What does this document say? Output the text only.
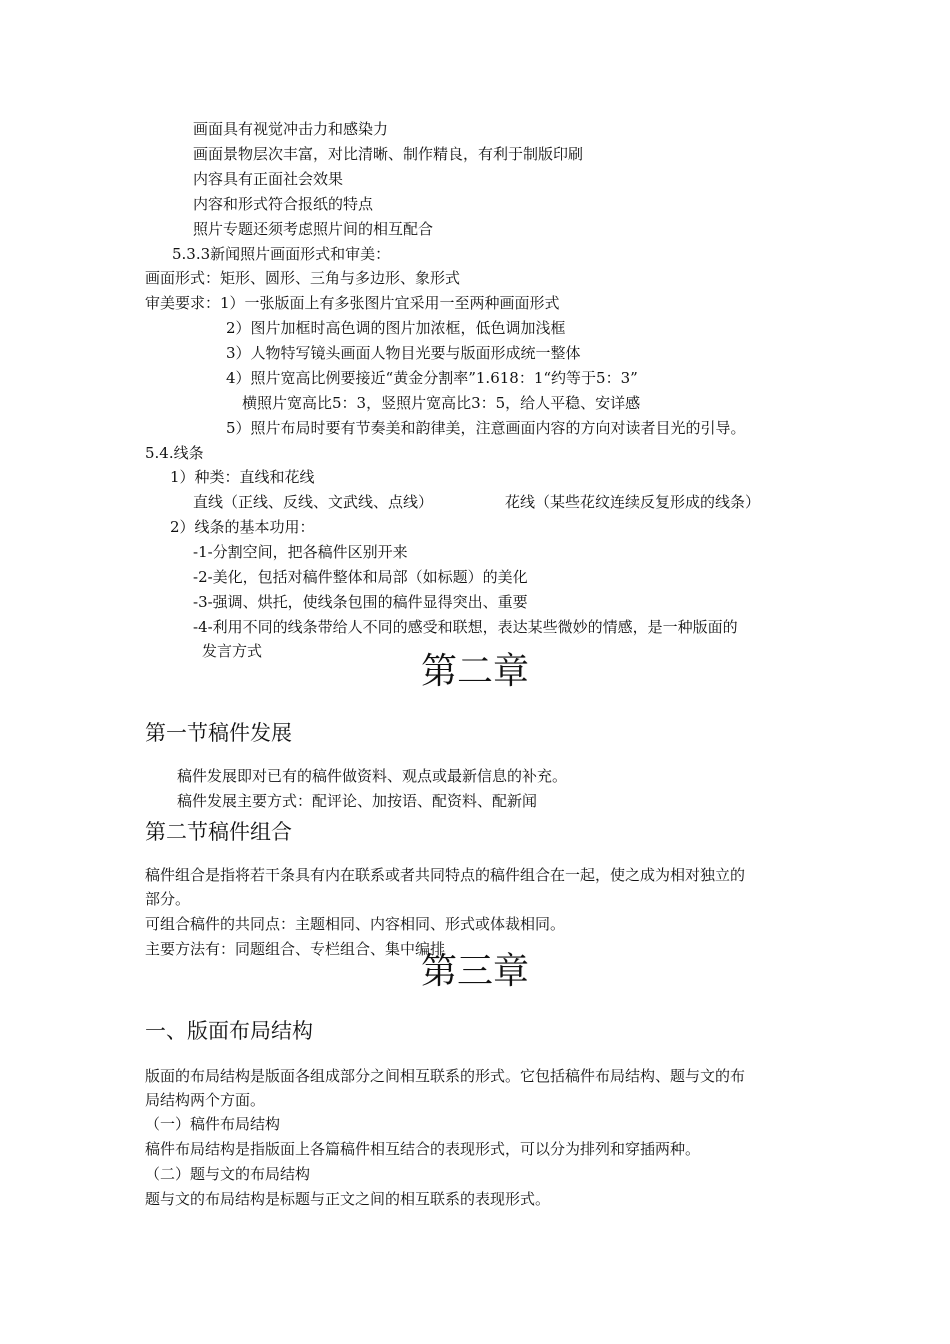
画面具有视觉冲击力和感染力
画面景物层次丰富，对比清晰、制作精良，有利于制版印刷
内容具有正面社会效果
内容和形式符合报纸的特点
照片专题还须考虑照片间的相互配合
5.3.3新闻照片画面形式和审美：
画面形式：矩形、圆形、三角与多边形、象形式
审美要求：1）一张版面上有多张图片宜采用一至两种画面形式
2）图片加框时高色调的图片加浓框，低色调加浅框
3）人物特写镜头画面人物目光要与版面形成统一整体
4）照片宽高比例要接近“黄金分割率”1.618：1“约等于5：3”
横照片宽高比5：3，竖照片宽高比3：5，给人平稳、安详感
5）照片布局时要有节奏美和韵律美，注意画面内容的方向对读者目光的引导。
5.4.线条
1）种类：直线和花线
直线（正线、反线、文武线、点线）	花线（某些花纹连续反复形成的线条）
2）线条的基本功用：
-1-分割空间，把各稿件区别开来
-2-美化，包括对稿件整体和局部（如标题）的美化
-3-强调、烘托，使线条包围的稿件显得突出、重要
-4-利用不同的线条带给人不同的感受和联想，表达某些微妙的情感，是一种版面的
发言方式	第二章
第一节稿件发展
稿件发展即对已有的稿件做资料、观点或最新信息的补充。
稿件发展主要方式：配评论、加按语、配资料、配新闻
第二节稿件组合
稿件组合是指将若干条具有内在联系或者共同特点的稿件组合在一起，使之成为相对独立的
部分。
可组合稿件的共同点：主题相同、内容相同、形式或体裁相同。
主要方法有：同题组合、专栏组合、集中编排
第三章
一、版面布局结构
版面的布局结构是版面各组成部分之间相互联系的形式。它包括稿件布局结构、题与文的布
局结构两个方面。
（一）稿件布局结构
稿件布局结构是指版面上各篇稿件相互结合的表现形式，可以分为排列和穿插两种。
（二）题与文的布局结构
题与文的布局结构是标题与正文之间的相互联系的表现形式。
